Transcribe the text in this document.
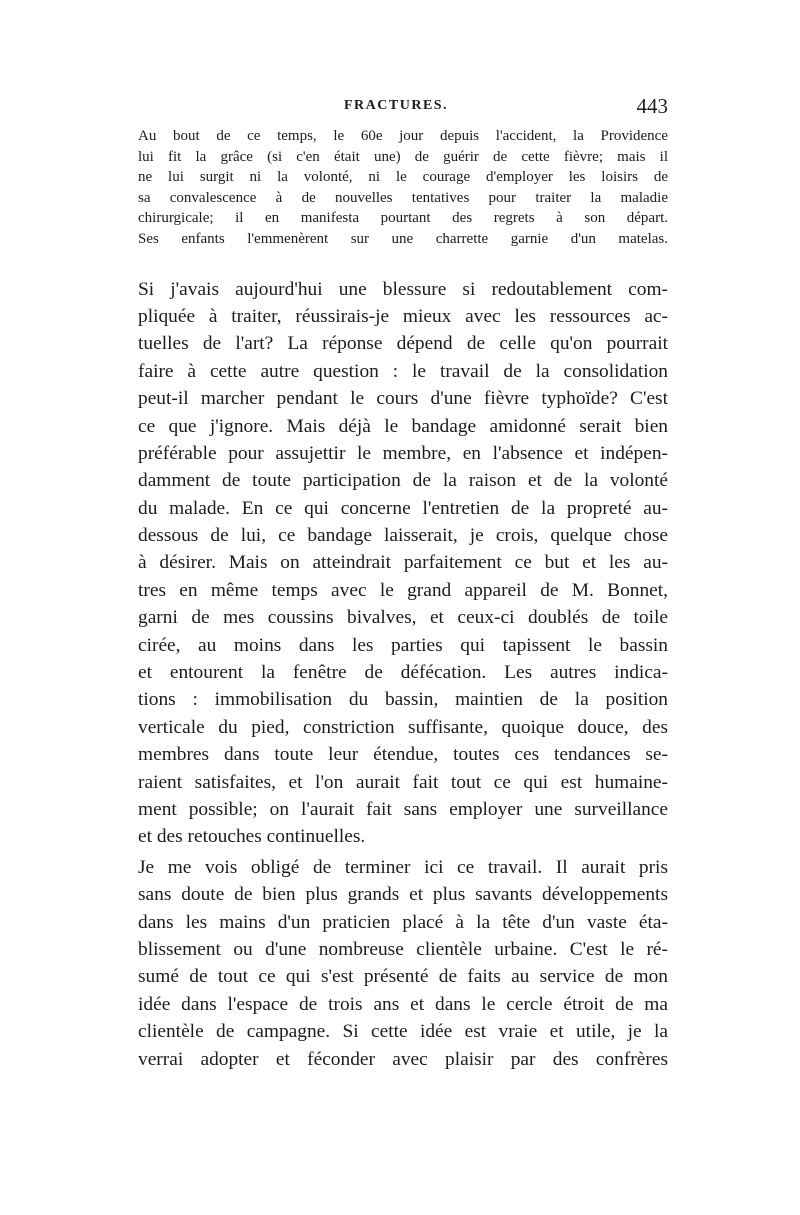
FRACTURES.	443
Au bout de ce temps, le 60e jour depuis l'accident, la Providence
lui fit la grâce (si c'en était une) de guérir de cette fièvre; mais il
ne lui surgit ni la volonté, ni le courage d'employer les loisirs de
sa convalescence à de nouvelles tentatives pour traiter la maladie
chirurgicale; il en manifesta pourtant des regrets à son départ.
Ses enfants l'emmenèrent sur une charrette garnie d'un matelas.
Si j'avais aujourd'hui une blessure si redoutablement com-
pliquée à traiter, réussirais-je mieux avec les ressources ac-
tuelles de l'art? La réponse dépend de celle qu'on pourrait
faire à cette autre question : le travail de la consolidation
peut-il marcher pendant le cours d'une fièvre typhoïde? C'est
ce que j'ignore. Mais déjà le bandage amidonné serait bien
préférable pour assujettir le membre, en l'absence et indépen-
damment de toute participation de la raison et de la volonté
du malade. En ce qui concerne l'entretien de la propreté au-
dessous de lui, ce bandage laisserait, je crois, quelque chose
à désirer. Mais on atteindrait parfaitement ce but et les au-
tres en même temps avec le grand appareil de M. Bonnet,
garni de mes coussins bivalves, et ceux-ci doublés de toile
cirée, au moins dans les parties qui tapissent le bassin
et entourent la fenêtre de défécation. Les autres indica-
tions : immobilisation du bassin, maintien de la position
verticale du pied, constriction suffisante, quoique douce, des
membres dans toute leur étendue, toutes ces tendances se-
raient satisfaites, et l'on aurait fait tout ce qui est humaine-
ment possible; on l'aurait fait sans employer une surveillance
et des retouches continuelles.
Je me vois obligé de terminer ici ce travail. Il aurait pris
sans doute de bien plus grands et plus savants développements
dans les mains d'un praticien placé à la tête d'un vaste éta-
blissement ou d'une nombreuse clientèle urbaine. C'est le ré-
sumé de tout ce qui s'est présenté de faits au service de mon
idée dans l'espace de trois ans et dans le cercle étroit de ma
clientèle de campagne. Si cette idée est vraie et utile, je la
verrai adopter et féconder avec plaisir par des confrères
